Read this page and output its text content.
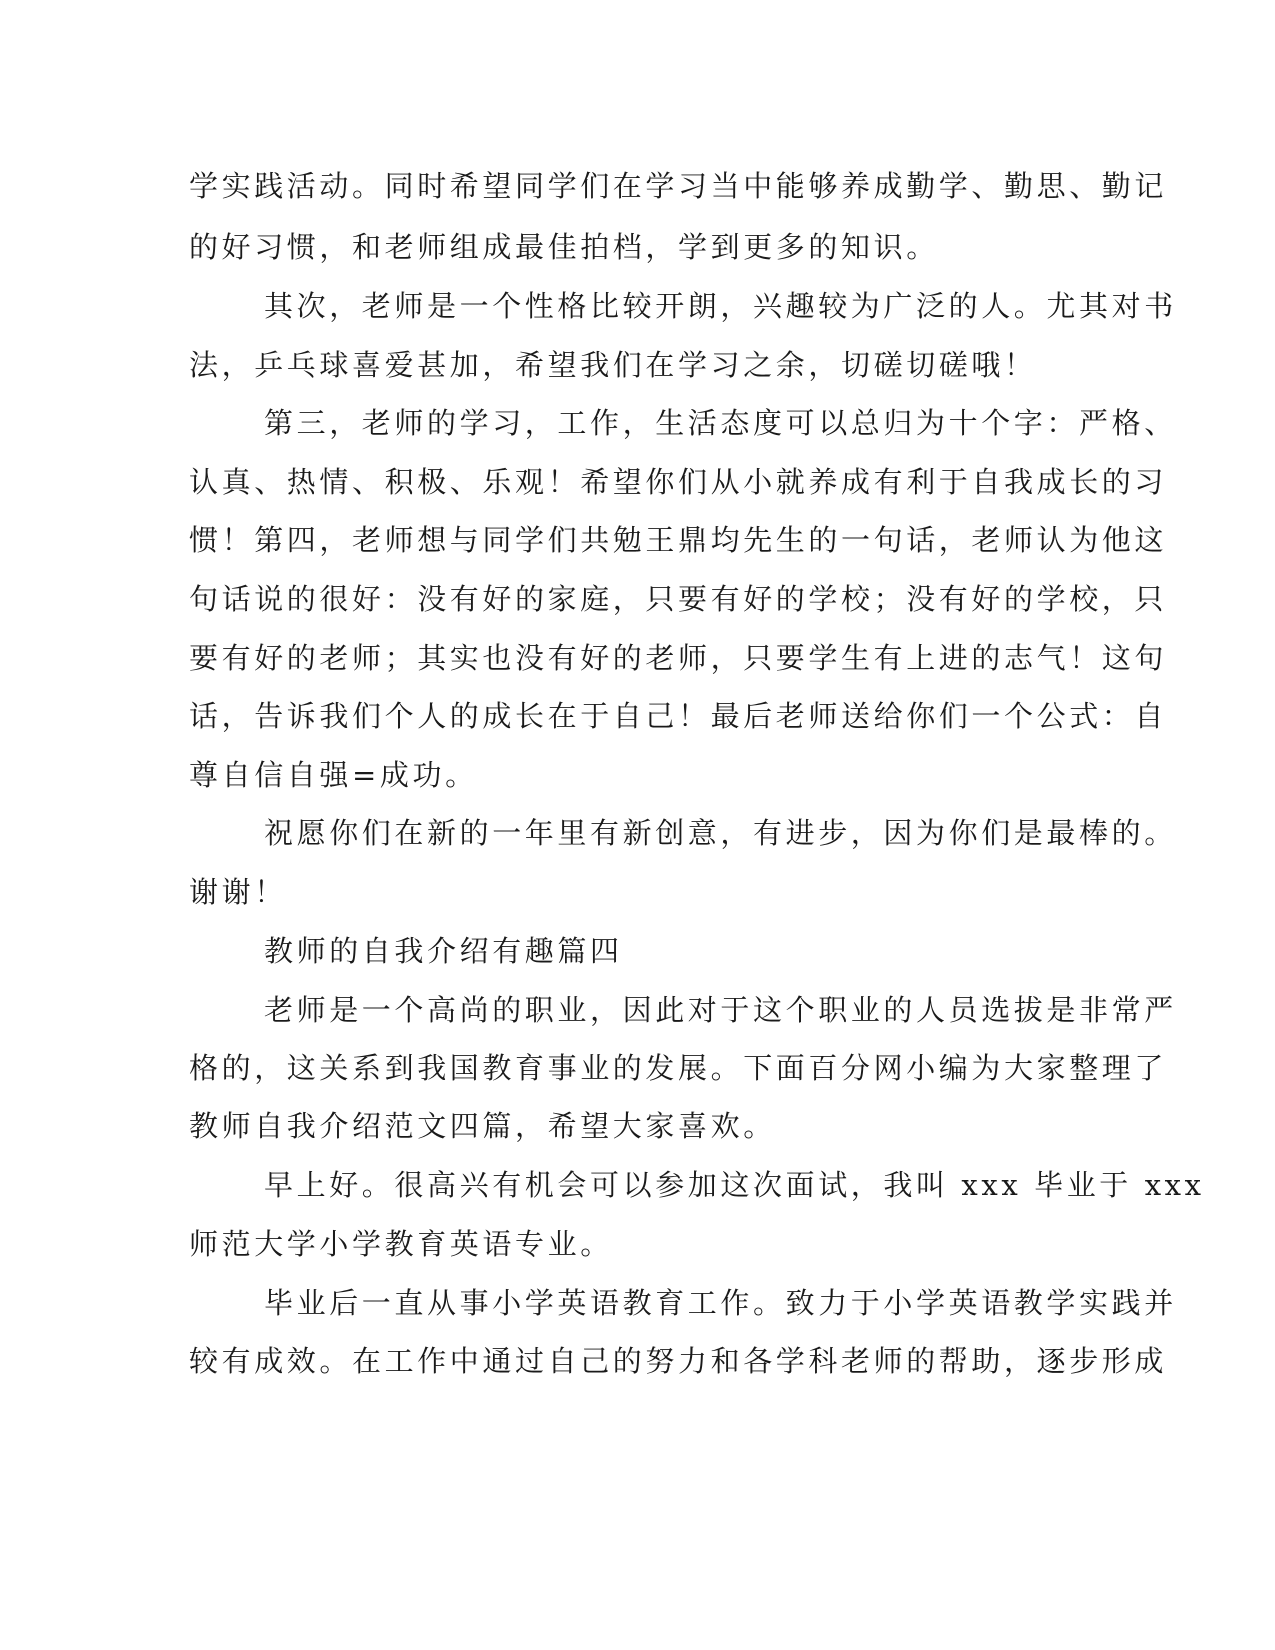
学实践活动。同时希望同学们在学习当中能够养成勤学、勤思、勤记

的好习惯，和老师组成最佳拍档，学到更多的知识。

其次，老师是一个性格比较开朗，兴趣较为广泛的人。尤其对书

法，乒乓球喜爱甚加，希望我们在学习之余，切磋切磋哦！

第三，老师的学习，工作，生活态度可以总归为十个字：严格、

认真、热情、积极、乐观！希望你们从小就养成有利于自我成长的习

惯！第四，老师想与同学们共勉王鼎均先生的一句话，老师认为他这

句话说的很好：没有好的家庭，只要有好的学校；没有好的学校，只

要有好的老师；其实也没有好的老师，只要学生有上进的志气！这句

话，告诉我们个人的成长在于自己！最后老师送给你们一个公式：自

尊自信自强=成功。

祝愿你们在新的一年里有新创意，有进步，因为你们是最棒的。

谢谢！

教师的自我介绍有趣篇四

老师是一个高尚的职业，因此对于这个职业的人员选拔是非常严

格的，这关系到我国教育事业的发展。下面百分网小编为大家整理了

教师自我介绍范文四篇，希望大家喜欢。

早上好。很高兴有机会可以参加这次面试，我叫 xxx 毕业于 xxx

师范大学小学教育英语专业。

毕业后一直从事小学英语教育工作。致力于小学英语教学实践并

较有成效。在工作中通过自己的努力和各学科老师的帮助，逐步形成
